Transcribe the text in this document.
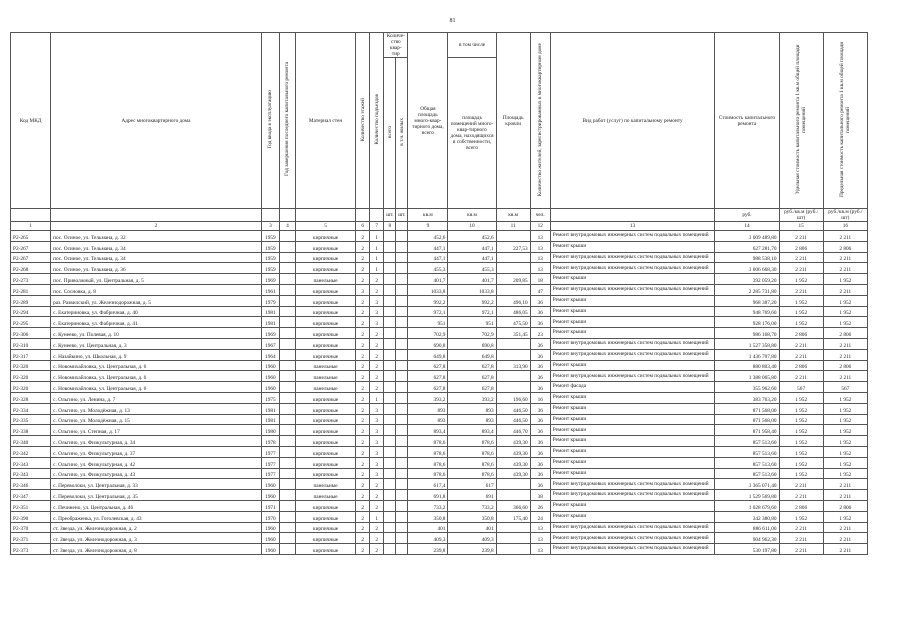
81
Код МКД	Адрес многоквартирного дома	Год ввода в эксплуатацию	Год завершения последнего капитального ремонта	Материал стен	Количество этажей	Количество подъездов	Количе-ство квар-тир		Общая площадь много-квар-тирного дома, всего	в том числе	Площадь кровли	Количество жителей, зарегистрированных в многоквартирном доме	Вид работ (услуг) по капитальному ремонту	Стоимость капитального ремонта	Удельная стоимость капитального ремонта 1 кв.м общей площади помещений	Предельная стоимость капитального ремонта 1 кв.м общей площади помещений
							всего	в т.ч. жилых		площадь помещений много-квар-тирного дома, находящихся в собственности, всего						
							шт.	шт.	кв.м	кв.м	кв.м	чел.		руб.	руб./кв.м (руб./шт)	руб./кв.м (руб./шт)
1	2	3	4	5	6	7	8		9	10	11	12	13	14	15	16
Р2-265	пос. Осиное, ул. Тельмана, д. 32	1959		кирпичные	2	1			452,6	452,6		13	Ремонт внутридомовых инженерных систем подвальных помещений	1 009 489,80	2 211	2 211
Р2-267	пос. Осиное, ул. Тельмана, д. 34	1959		кирпичные	2	1			447,1	447,1	227,53	13	Ремонт крыши	627 281,70	2 806	2 806
Р2-267	пос. Осиное, ул. Тельмана, д. 34	1959		кирпичные	2	1			447,1	447,1		13	Ремонт внутридомовых инженерных систем подвальных помещений	988 538,10	2 211	2 211
Р2-268	пос. Осиное, ул. Тельмана, д. 36	1959		кирпичные	2	1			455,3	455,3		13	Ремонт внутридомовых инженерных систем подвальных помещений	1 006 668,30	2 211	2 211
Р2-273	пос. Приволжный, ул. Центральная, д. 5	1969		панельные	2	2			401,7	401,7	209,85	18	Ремонт крыши	392 059,20	1 952	1 952
Р2-281	пос. Сосновка, д. 8	1961		кирпичные	3	2			1033,8	1033,8		47	Ремонт внутридомовых инженерных систем подвальных помещений	2 285 731,80	2 211	2 211
Р2-289	раз. Развилский, ул. Железнодорожная, д. 5	1979		кирпичные	2	3			992,2	992,2	496,10	36	Ремонт крыши	968 387,20	1 952	1 952
Р2-294	с. Екатериновка, ул. Фабричная, д. 40	1981		кирпичные	2	3			972,1	972,1	486,05	36	Ремонт крыши	948 769,60	1 952	1 952
Р2-295	с. Екатериновка, ул. Фабричная, д. 41	1981		кирпичные	2	3			951	951	475,50	36	Ремонт крыши	928 176,00	1 952	1 952
Р2-306	с. Кунеево, ул. Полевая, д. 10	1969		кирпичные	2	2			702,9	702,9	351,45	23	Ремонт крыши	986 168,70	2 806	2 806
Р2-310	с. Кунеево, ул. Центральная, д. 3	1967		кирпичные	2	2			690,8	690,8		36	Ремонт внутридомовых инженерных систем подвальных помещений	1 527 358,80	2 211	2 211
Р2-317	с. Назайкино, ул. Школьная, д. 9	1964		кирпичные	2	2			649,8	649,8		36	Ремонт внутридомовых инженерных систем подвальных помещений	1 436 707,80	2 211	2 211
Р2-320	с. Новомихайловка, ул. Центральная, д. 6	1960		панельные	2	2			627,8	627,8	313,90	36	Ремонт крыши	880 803,40	2 806	2 806
Р2-320	с. Новомихайловка, ул. Центральная, д. 6	1960		панельные	2	2			627,8	627,8		36	Ремонт внутридомовых инженерных систем подвальных помещений	1 388 065,80	2 211	2 211
Р2-320	с. Новомихайловка, ул. Центральная, д. 6	1960		панельные	2	2			627,8	627,8		36	Ремонт фасада	355 962,60	567	567
Р2-328	с. Ольгино, ул. Ленина, д. 7	1975		кирпичные	2	1			393,2	393,2	196,60	16	Ремонт крыши	383 763,20	1 952	1 952
Р2-334	с. Ольгино, ул. Молодёжная, д. 13	1981		кирпичные	2	3			893	893	446,50	36	Ремонт крыши	871 568,00	1 952	1 952
Р2-335	с. Ольгино, ул. Молодёжная, д. 15	1981		кирпичные	2	3			893	893	446,50	36	Ремонт крыши	871 568,00	1 952	1 952
Р2-338	с. Ольгино, ул. Степная, д. 17	1980		кирпичные	2	3			893,4	893,4	446,70	36	Ремонт крыши	871 958,40	1 952	1 952
Р2-340	с. Ольгино, ул. Физкультурная, д. 34	1978		кирпичные	2	3			878,6	878,6	439,30	36	Ремонт крыши	857 513,60	1 952	1 952
Р2-342	с. Ольгино, ул. Физкультурная, д. 37	1977		кирпичные	2	3			878,6	878,6	439,30	36	Ремонт крыши	857 513,60	1 952	1 952
Р2-343	с. Ольгино, ул. Физкультурная, д. 42	1977		кирпичные	2	3			878,6	878,6	439,30	36	Ремонт крыши	857 513,60	1 952	1 952
Р2-343	с. Ольгино, ул. Физкультурная, д. 43	1977		кирпичные	2	3			878,6	878,6	439,30	36	Ремонт крыши	857 513,60	1 952	1 952
Р2-346	с. Переволоки, ул. Центральная, д. 33	1960		панельные	2	2			617,4	617		36	Ремонт внутридомовых инженерных систем подвальных помещений	1 365 071,40	2 211	2 211
Р2-347	с. Переволоки, ул. Центральная, д. 35	1960		панельные	2	2			691,8	691		38	Ремонт внутридомовых инженерных систем подвальных помещений	1 529 569,80	2 211	2 211
Р2-351	с. Печинено, ул. Центральная, д. 46	1971		кирпичные	2	2			733,2	733,2	366,60	26	Ремонт крыши	1 028 679,60	2 806	2 806
Р2-390	с. Преображенка, ул. Гоголевская, д. 43	1970		кирпичные	2	1			350,8	350,8	175,40	24	Ремонт крыши	342 380,80	1 952	1 952
Р2-370	ст. Звезда, ул. Железнодорожная, д. 2	1960		кирпичные	2	2			401	401		13	Ремонт внутридомовых инженерных систем подвальных помещений	886 611,00	2 211	2 211
Р2-371	ст. Звезда, ул. Железнодорожная, д. 3	1960		кирпичные	2	2			409,3	409,3		13	Ремонт внутридомовых инженерных систем подвальных помещений	904 962,30	2 211	2 211
Р2-373	ст. Звезда, ул. Железнодорожная, д. 8	1960		кирпичные	2	2			239,8	239,8		13	Ремонт внутридомовых инженерных систем подвальных помещений	530 197,80	2 211	2 211
